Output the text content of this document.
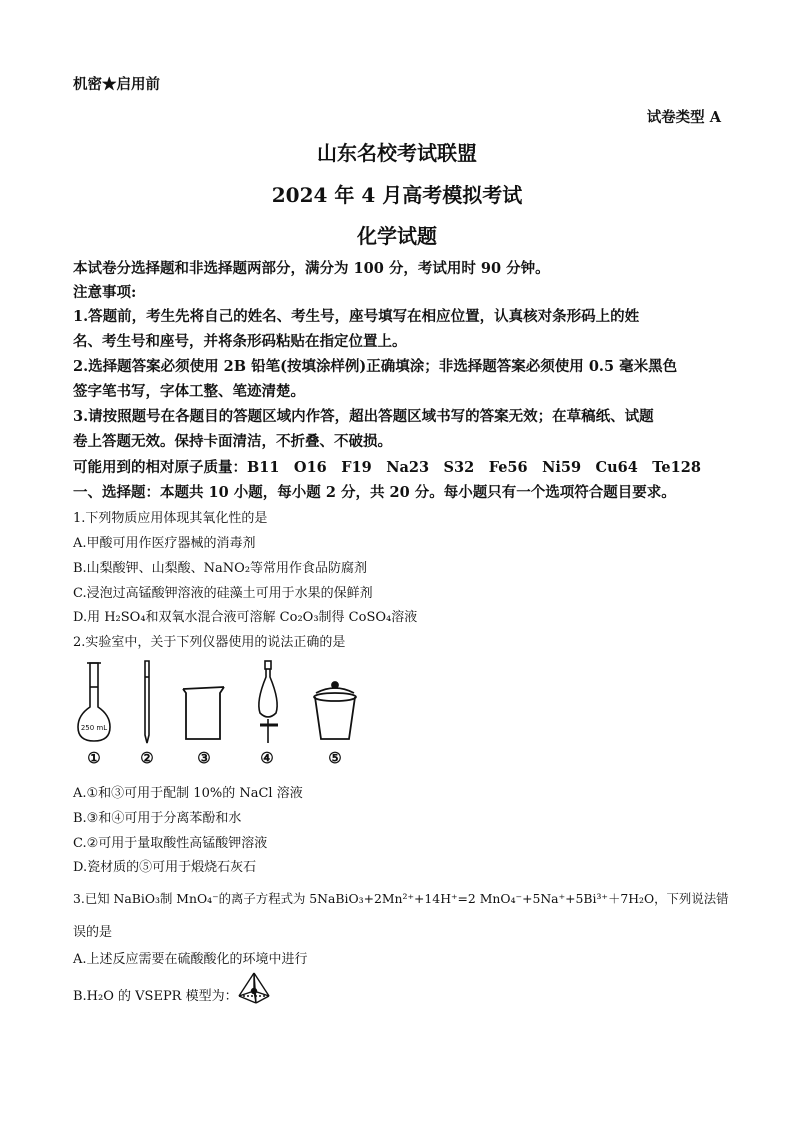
机密★启用前
试卷类型 A
山东名校考试联盟
2024 年 4 月高考模拟考试
化学试题
本试卷分选择题和非选择题两部分，满分为 100 分，考试用时 90 分钟。
注意事项:
1.答题前，考生先将自己的姓名、考生号，座号填写在相应位置，认真核对条形码上的姓
名、考生号和座号，并将条形码粘贴在指定位置上。
2.选择题答案必须使用 2B 铅笔(按填涂样例)正确填涂；非选择题答案必须使用 0.5 毫米黑色
签字笔书写，字体工整、笔迹清楚。
3.请按照题号在各题目的答题区域内作答，超出答题区域书写的答案无效；在草稿纸、试题
卷上答题无效。保持卡面清洁，不折叠、不破损。
可能用到的相对原子质量：B11　O16　F19　Na23　S32　Fe56　Ni59　Cu64　Te128
一、选择题：本题共 10 小题，每小题 2 分，共 20 分。每小题只有一个选项符合题目要求。
1.下列物质应用体现其氧化性的是
A.甲酸可用作医疗器械的消毒剂
B.山梨酸钾、山梨酸、NaNO₂等常用作食品防腐剂
C.浸泡过高锰酸钾溶液的硅藻土可用于水果的保鲜剂
D.用 H₂SO₄和双氧水混合液可溶解 Co₂O₃制得 CoSO₄溶液
2.实验室中，关于下列仪器使用的说法正确的是
250 mL
①	②	③	④	⑤
A.①和③可用于配制 10%的 NaCl 溶液
B.③和④可用于分离苯酚和水
C.②可用于量取酸性高锰酸钾溶液
D.瓷材质的⑤可用于煅烧石灰石
3.已知 NaBiO₃制 MnO₄⁻的离子方程式为 5NaBiO₃+2Mn²⁺+14H⁺=2 MnO₄⁻+5Na⁺+5Bi³⁺＋7H₂O，下列说法错
误的是
A.上述反应需要在硫酸酸化的环境中进行
B.H₂O 的 VSEPR 模型为：
